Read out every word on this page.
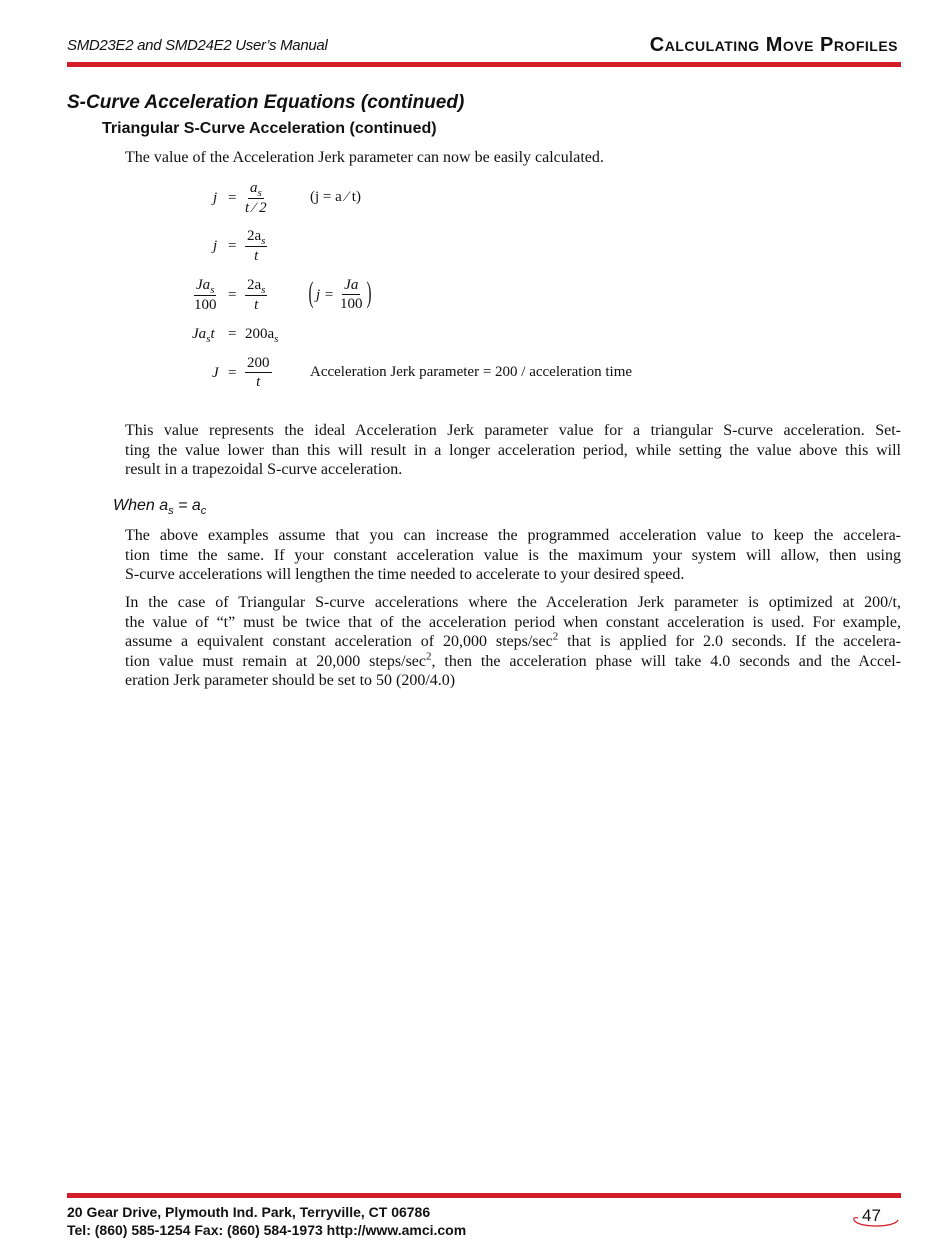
SMD23E2 and SMD24E2 User’s Manual	Calculating Move Profiles
S-Curve Acceleration Equations (continued)
Triangular S-Curve Acceleration (continued)
The value of the Acceleration Jerk parameter can now be easily calculated.
$j = \frac{a_s}{t ⁄ 2}$	(j = a ⁄ t)
$j = \frac{2a_s}{t}$
$Ja_s$
100
= $\frac{2a_s}{t}$ ( $j = \frac{Ja}{100}$ )
$Ja_st = 200a_s$
$J = \frac{200}{t}$	Acceleration Jerk parameter = 200 / acceleration time
This value represents the ideal Acceleration Jerk parameter value for a triangular S-curve acceleration. Set-
ting the value lower than this will result in a longer acceleration period, while setting the value above this will
result in a trapezoidal S-curve acceleration.
When $a_s = a_c$
The above examples assume that you can increase the programmed acceleration value to keep the accelera-
tion time the same. If your constant acceleration value is the maximum your system will allow, then using
S-curve accelerations will lengthen the time needed to accelerate to your desired speed.
In the case of Triangular S-curve accelerations where the Acceleration Jerk parameter is optimized at 200/t,
the value of “t” must be twice that of the acceleration period when constant acceleration is used. For example,
assume a equivalent constant acceleration of 20,000 steps/$\sec^2$ that is applied for 2.0 seconds. If the accelera-
tion value must remain at 20,000 steps/$\sec^2$, then the acceleration phase will take 4.0 seconds and the Accel-
eration Jerk parameter should be set to 50 (200/4.0)
20 Gear Drive, Plymouth Ind. Park, Terryville, CT 06786
Tel: (860) 585-1254 Fax: (860) 584-1973 http://www.amci.com
47
